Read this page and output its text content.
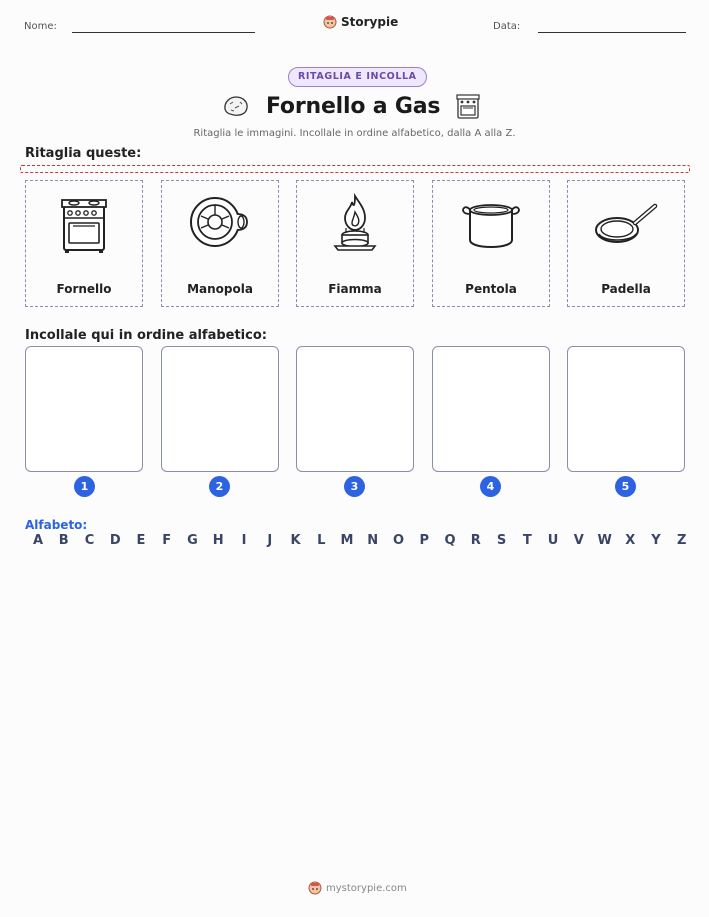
Nome:	Storypie	Data:
RITAGLIA E INCOLLA
Fornello a Gas
Ritaglia le immagini. Incollale in ordine alfabetico, dalla A alla Z.
Ritaglia queste:
Fornello	Manopola	Fiamma	Pentola	Padella
Incollale qui in ordine alfabetico:
1	2	3	4	5
Alfabeto:
A B C D E F G H	I	J	K L M N O P Q R S T U V W X Y Z
mystorypie.com
